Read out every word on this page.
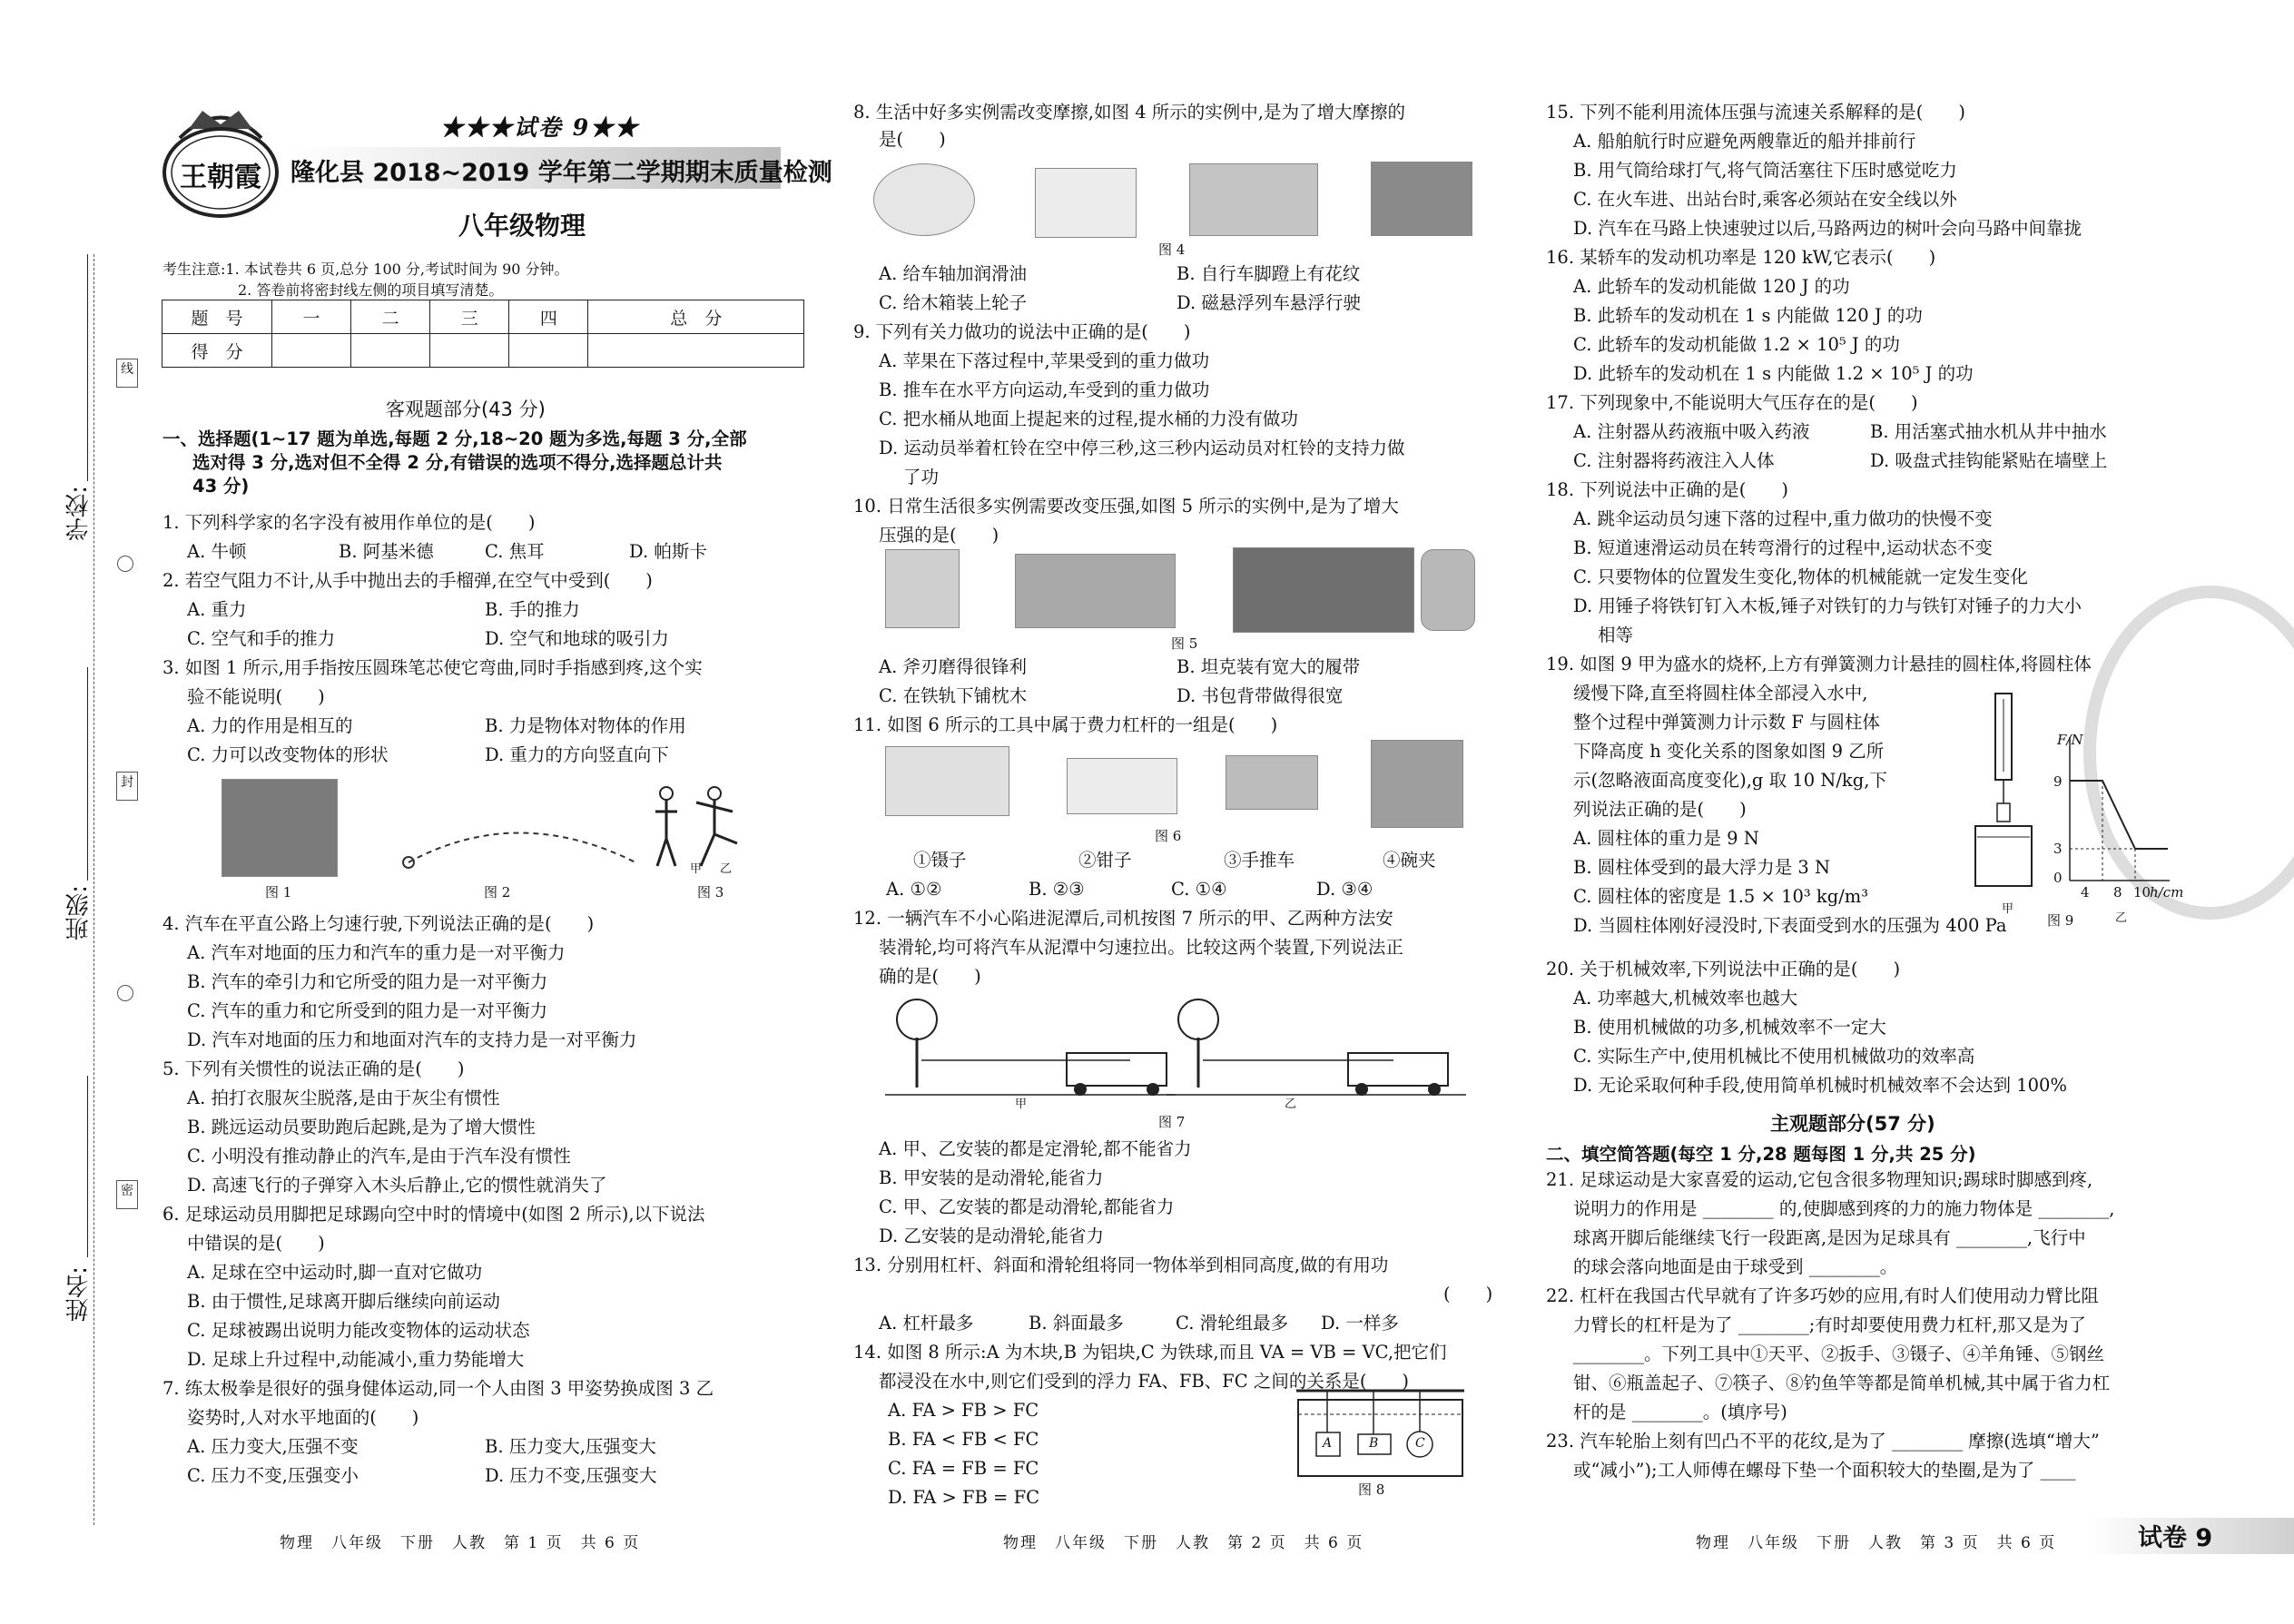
学校:
班级:
姓名:
线
封
密
王朝霞
★★★试卷 9★★
隆化县 2018~2019 学年第二学期期末质量检测
八年级物理
考生注意:1. 本试卷共 6 页,总分 100 分,考试时间为 90 分钟。
2. 答卷前将密封线左侧的项目填写清楚。
题　号	一	二	三	四	总　分
得　分					
客观题部分(43 分)
一、选择题(1~17 题为单选,每题 2 分,18~20 题为多选,每题 3 分,全部
选对得 3 分,选对但不全得 2 分,有错误的选项不得分,选择题总计共
43 分)
1. 下列科学家的名字没有被用作单位的是(　　)
A. 牛顿	B. 阿基米德	C. 焦耳	D. 帕斯卡
2. 若空气阻力不计,从手中抛出去的手榴弹,在空气中受到(　　)
A. 重力	B. 手的推力
C. 空气和手的推力	D. 空气和地球的吸引力
3. 如图 1 所示,用手指按压圆珠笔芯使它弯曲,同时手指感到疼,这个实
验不能说明(　　)
A. 力的作用是相互的	B. 力是物体对物体的作用
C. 力可以改变物体的形状	D. 重力的方向竖直向下
图 1	图 2
甲 乙
图 3
4. 汽车在平直公路上匀速行驶,下列说法正确的是(　　)
A. 汽车对地面的压力和汽车的重力是一对平衡力
B. 汽车的牵引力和它所受的阻力是一对平衡力
C. 汽车的重力和它所受到的阻力是一对平衡力
D. 汽车对地面的压力和地面对汽车的支持力是一对平衡力
5. 下列有关惯性的说法正确的是(　　)
A. 拍打衣服灰尘脱落,是由于灰尘有惯性
B. 跳远运动员要助跑后起跳,是为了增大惯性
C. 小明没有推动静止的汽车,是由于汽车没有惯性
D. 高速飞行的子弹穿入木头后静止,它的惯性就消失了
6. 足球运动员用脚把足球踢向空中时的情境中(如图 2 所示),以下说法
中错误的是(　　)
A. 足球在空中运动时,脚一直对它做功
B. 由于惯性,足球离开脚后继续向前运动
C. 足球被踢出说明力能改变物体的运动状态
D. 足球上升过程中,动能减小,重力势能增大
7. 练太极拳是很好的强身健体运动,同一个人由图 3 甲姿势换成图 3 乙
姿势时,人对水平地面的(　　)
A. 压力变大,压强不变	B. 压力变大,压强变大
C. 压力不变,压强变小	D. 压力不变,压强变大
物理　八年级　下册　人教　第 1 页　共 6 页
8. 生活中好多实例需改变摩擦,如图 4 所示的实例中,是为了增大摩擦的
是(　　)
图 4
A. 给车轴加润滑油	B. 自行车脚蹬上有花纹
C. 给木箱装上轮子	D. 磁悬浮列车悬浮行驶
9. 下列有关力做功的说法中正确的是(　　)
A. 苹果在下落过程中,苹果受到的重力做功
B. 推车在水平方向运动,车受到的重力做功
C. 把水桶从地面上提起来的过程,提水桶的力没有做功
D. 运动员举着杠铃在空中停三秒,这三秒内运动员对杠铃的支持力做
了功
10. 日常生活很多实例需要改变压强,如图 5 所示的实例中,是为了增大
压强的是(　　)
图 5
A. 斧刃磨得很锋利	B. 坦克装有宽大的履带
C. 在铁轨下铺枕木	D. 书包背带做得很宽
11. 如图 6 所示的工具中属于费力杠杆的一组是(　　)
图 6
①镊子	②钳子	③手推车	④碗夹
A. ①②	B. ②③	C. ①④	D. ③④
12. 一辆汽车不小心陷进泥潭后,司机按图 7 所示的甲、乙两种方法安
装滑轮,均可将汽车从泥潭中匀速拉出。比较这两个装置,下列说法正
确的是(　　)
甲	乙
图 7
A. 甲、乙安装的都是定滑轮,都不能省力
B. 甲安装的是动滑轮,能省力
C. 甲、乙安装的都是动滑轮,都能省力
D. 乙安装的是动滑轮,能省力
13. 分别用杠杆、斜面和滑轮组将同一物体举到相同高度,做的有用功
(　　)
A. 杠杆最多	B. 斜面最多	C. 滑轮组最多 D. 一样多
14. 如图 8 所示:A 为木块,B 为铝块,C 为铁球,而且 VA = VB = VC,把它们
都浸没在水中,则它们受到的浮力 FA、FB、FC 之间的关系是(　　)
A. FA > FB > FC
B. FA < FB < FC
C. FA = FB = FC
D. FA > FB = FC
A	B	C
图 8
物理　八年级　下册　人教　第 2 页　共 6 页
15. 下列不能利用流体压强与流速关系解释的是(　　)
A. 船舶航行时应避免两艘靠近的船并排前行
B. 用气筒给球打气,将气筒活塞往下压时感觉吃力
C. 在火车进、出站台时,乘客必须站在安全线以外
D. 汽车在马路上快速驶过以后,马路两边的树叶会向马路中间靠拢
16. 某轿车的发动机功率是 120 kW,它表示(　　)
A. 此轿车的发动机能做 120 J 的功
B. 此轿车的发动机在 1 s 内能做 120 J 的功
C. 此轿车的发动机能做 1.2 × 10⁵ J 的功
D. 此轿车的发动机在 1 s 内能做 1.2 × 10⁵ J 的功
17. 下列现象中,不能说明大气压存在的是(　　)
A. 注射器从药液瓶中吸入药液	B. 用活塞式抽水机从井中抽水
C. 注射器将药液注入人体	D. 吸盘式挂钩能紧贴在墙壁上
18. 下列说法中正确的是(　　)
A. 跳伞运动员匀速下落的过程中,重力做功的快慢不变
B. 短道速滑运动员在转弯滑行的过程中,运动状态不变
C. 只要物体的位置发生变化,物体的机械能就一定发生变化
D. 用锤子将铁钉钉入木板,锤子对铁钉的力与铁钉对锤子的力大小
相等
19. 如图 9 甲为盛水的烧杯,上方有弹簧测力计悬挂的圆柱体,将圆柱体
缓慢下降,直至将圆柱体全部浸入水中,
整个过程中弹簧测力计示数 F 与圆柱体
下降高度 h 变化关系的图象如图 9 乙所
示(忽略液面高度变化),g 取 10 N/kg,下
列说法正确的是(　　)
A. 圆柱体的重力是 9 N
B. 圆柱体受到的最大浮力是 3 N
C. 圆柱体的密度是 1.5 × 10³ kg/m³
D. 当圆柱体刚好浸没时,下表面受到水的压强为 400 Pa
F/N
9
3
0
4 8 10
h/cm
甲
乙
图 9
20. 关于机械效率,下列说法中正确的是(　　)
A. 功率越大,机械效率也越大
B. 使用机械做的功多,机械效率不一定大
C. 实际生产中,使用机械比不使用机械做功的效率高
D. 无论采取何种手段,使用简单机械时机械效率不会达到 100%
主观题部分(57 分)
二、填空简答题(每空 1 分,28 题每图 1 分,共 25 分)
21. 足球运动是大家喜爱的运动,它包含很多物理知识;踢球时脚感到疼,
说明力的作用是 ________ 的,使脚感到疼的力的施力物体是 ________,
球离开脚后能继续飞行一段距离,是因为足球具有 ________,飞行中
的球会落向地面是由于球受到 ________。
22. 杠杆在我国古代早就有了许多巧妙的应用,有时人们使用动力臂比阻
力臂长的杠杆是为了 ________;有时却要使用费力杠杆,那又是为了
________。下列工具中①天平、②扳手、③镊子、④羊角锤、⑤钢丝
钳、⑥瓶盖起子、⑦筷子、⑧钓鱼竿等都是简单机械,其中属于省力杠
杆的是 ________。(填序号)
23. 汽车轮胎上刻有凹凸不平的花纹,是为了 ________ 摩擦(选填“增大”
或“减小”);工人师傅在螺母下垫一个面积较大的垫圈,是为了 ____
物理　八年级　下册　人教　第 3 页　共 6 页	试卷 9
